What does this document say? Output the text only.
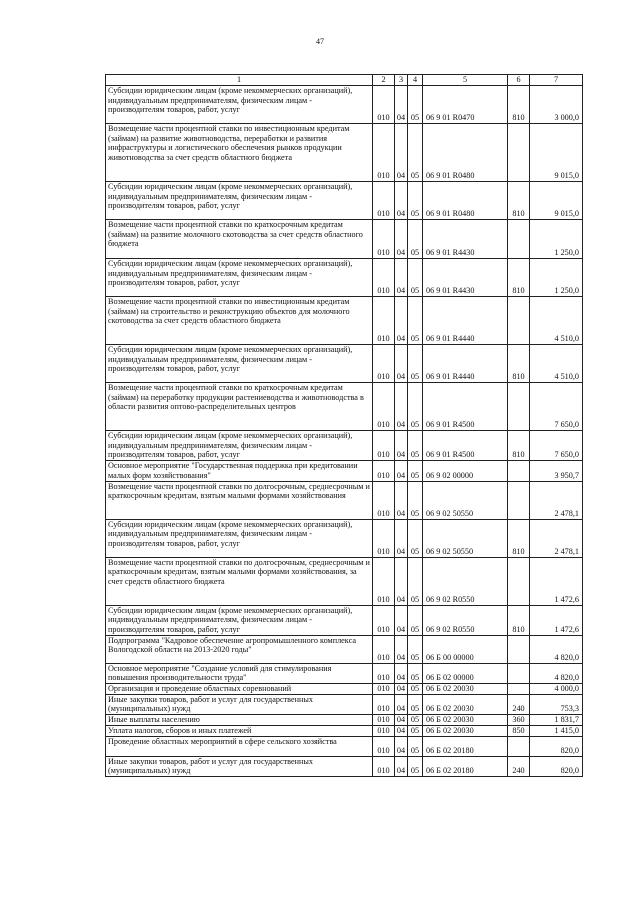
47
1	2	3	4	5	6	7
Субсидии юридическим лицам (кроме некоммерческих организаций), индивидуальным предпринимателям, физическим лицам - производителям товаров, работ, услуг	010	04	05	06 9 01 R0470	810	3 000,0
Возмещение части процентной ставки по инвестиционным кредитам (займам) на развитие животноводства, переработки и развития инфраструктуры и логистического обеспечения рынков продукции животноводства за счет средств областного бюджета	010	04	05	06 9 01 R0480		9 015,0
Субсидии юридическим лицам (кроме некоммерческих организаций), индивидуальным предпринимателям, физическим лицам - производителям товаров, работ, услуг	010	04	05	06 9 01 R0480	810	9 015,0
Возмещение части процентной ставки по краткосрочным кредитам (займам) на развитие молочного скотоводства за счет средств областного бюджета	010	04	05	06 9 01 R4430		1 250,0
Субсидии юридическим лицам (кроме некоммерческих организаций), индивидуальным предпринимателям, физическим лицам - производителям товаров, работ, услуг	010	04	05	06 9 01 R4430	810	1 250,0
Возмещение части процентной ставки по инвестиционным кредитам (займам) на строительство и реконструкцию объектов для молочного скотоводства за счет средств областного бюджета	010	04	05	06 9 01 R4440		4 510,0
Субсидии юридическим лицам (кроме некоммерческих организаций), индивидуальным предпринимателям, физическим лицам - производителям товаров, работ, услуг	010	04	05	06 9 01 R4440	810	4 510,0
Возмещение части процентной ставки по краткосрочным кредитам (займам) на переработку продукции растениеводства и животноводства в области развития оптово-распределительных центров	010	04	05	06 9 01 R4500		7 650,0
Субсидии юридическим лицам (кроме некоммерческих организаций), индивидуальным предпринимателям, физическим лицам - производителям товаров, работ, услуг	010	04	05	06 9 01 R4500	810	7 650,0
Основное мероприятие "Государственная поддержка при кредитовании малых форм хозяйствования"	010	04	05	06 9 02 00000		3 950,7
Возмещение части процентной ставки по долгосрочным, среднесрочным и краткосрочным кредитам, взятым малыми формами хозяйствования	010	04	05	06 9 02 50550		2 478,1
Субсидии юридическим лицам (кроме некоммерческих организаций), индивидуальным предпринимателям, физическим лицам - производителям товаров, работ, услуг	010	04	05	06 9 02 50550	810	2 478,1
Возмещение части процентной ставки по долгосрочным, среднесрочным и краткосрочным кредитам, взятым малыми формами хозяйствования, за счет средств областного бюджета	010	04	05	06 9 02 R0550		1 472,6
Субсидии юридическим лицам (кроме некоммерческих организаций), индивидуальным предпринимателям, физическим лицам - производителям товаров, работ, услуг	010	04	05	06 9 02 R0550	810	1 472,6
Подпрограмма "Кадровое обеспечение агропромышленного комплекса Вологодской области на 2013-2020 годы"	010	04	05	06 Б 00 00000		4 820,0
Основное мероприятие "Создание условий для стимулирования повышения производительности труда"	010	04	05	06 Б 02 00000		4 820,0
Организация и проведение областных соревнований	010	04	05	06 Б 02 20030		4 000,0
Иные закупки товаров, работ и услуг для государственных (муниципальных) нужд	010	04	05	06 Б 02 20030	240	753,3
Иные выплаты населению	010	04	05	06 Б 02 20030	360	1 831,7
Уплата налогов, сборов и иных платежей	010	04	05	06 Б 02 20030	850	1 415,0
Проведение областных мероприятий в сфере сельского хозяйства	010	04	05	06 Б 02 20180		820,0
Иные закупки товаров, работ и услуг для государственных (муниципальных) нужд	010	04	05	06 Б 02 20180	240	820,0
